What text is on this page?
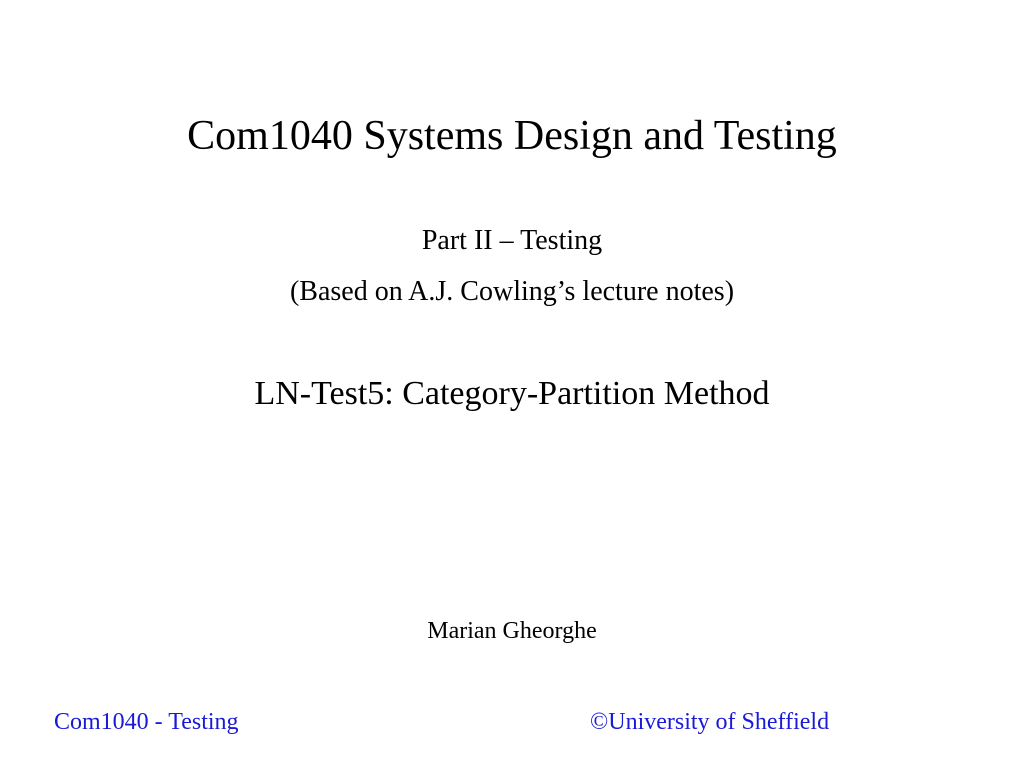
Com1040 Systems Design and Testing
Part II – Testing
(Based on A.J. Cowling’s lecture notes)
LN-Test5: Category-Partition Method
Marian Gheorghe
Com1040 - Testing	©University of Sheffield
